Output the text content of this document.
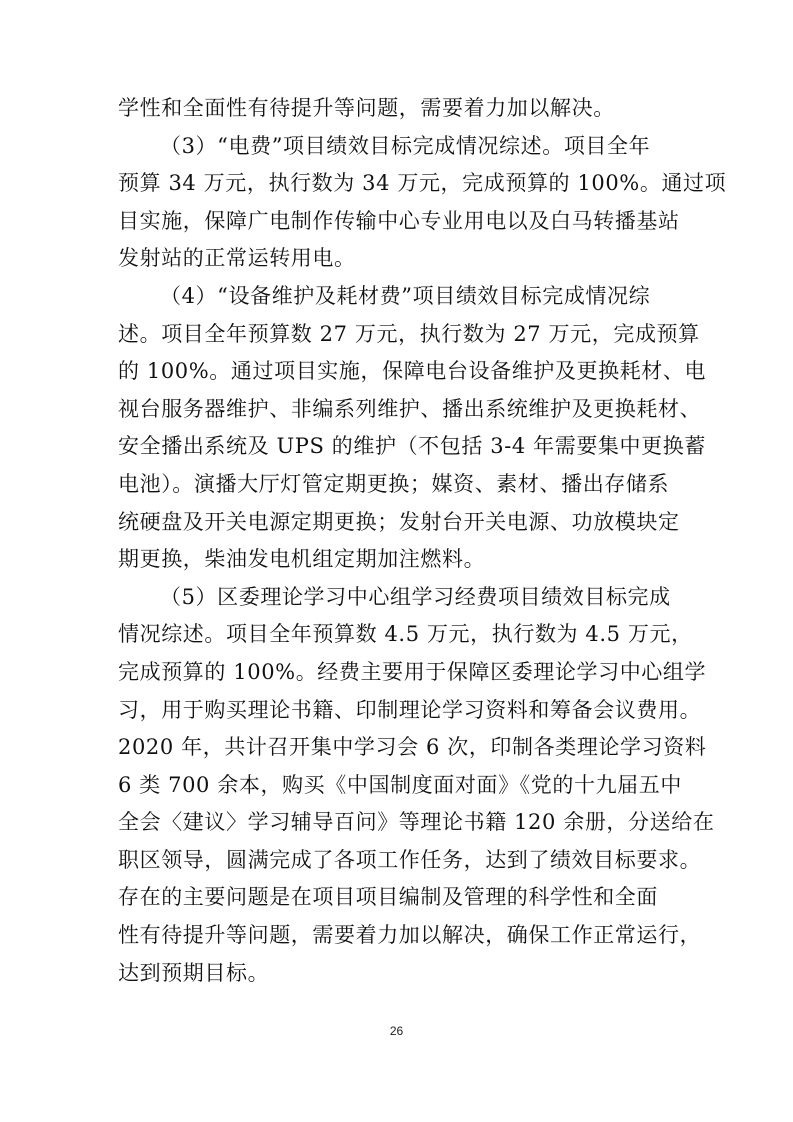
学性和全面性有待提升等问题，需要着力加以解决。
（3）“电费”项目绩效目标完成情况综述。项目全年
预算 34 万元，执行数为 34 万元，完成预算的 100%。通过项
目实施，保障广电制作传输中心专业用电以及白马转播基站
发射站的正常运转用电。
（4）“设备维护及耗材费”项目绩效目标完成情况综
述。项目全年预算数 27 万元，执行数为 27 万元，完成预算
的 100%。通过项目实施，保障电台设备维护及更换耗材、电
视台服务器维护、非编系列维护、播出系统维护及更换耗材、
安全播出系统及 UPS 的维护（不包括 3-4 年需要集中更换蓄
电池）。演播大厅灯管定期更换；媒资、素材、播出存储系
统硬盘及开关电源定期更换；发射台开关电源、功放模块定
期更换，柴油发电机组定期加注燃料。
（5）区委理论学习中心组学习经费项目绩效目标完成
情况综述。项目全年预算数 4.5 万元，执行数为 4.5 万元，
完成预算的 100%。经费主要用于保障区委理论学习中心组学
习，用于购买理论书籍、印制理论学习资料和筹备会议费用。
2020 年，共计召开集中学习会 6 次，印制各类理论学习资料
6 类 700 余本，购买《中国制度面对面》《党的十九届五中
全会〈建议〉学习辅导百问》等理论书籍 120 余册，分送给在
职区领导，圆满完成了各项工作任务，达到了绩效目标要求。
存在的主要问题是在项目项目编制及管理的科学性和全面
性有待提升等问题，需要着力加以解决，确保工作正常运行，
达到预期目标。
26
